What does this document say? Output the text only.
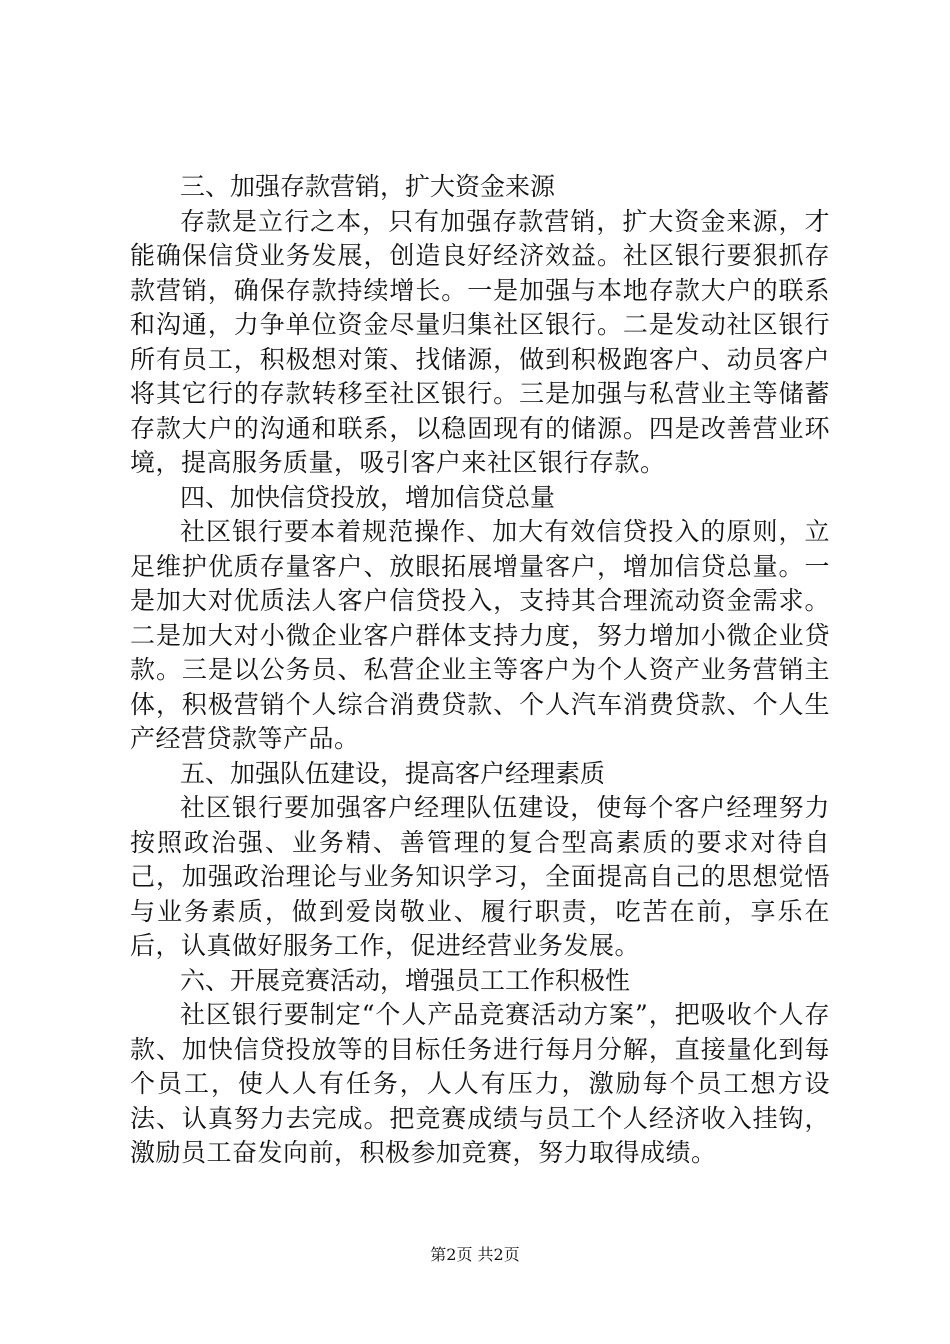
三、加强存款营销，扩大资金来源

存款是立行之本，只有加强存款营销，扩大资金来源，才能确保信贷业务发展，创造良好经济效益。社区银行要狠抓存款营销，确保存款持续增长。一是加强与本地存款大户的联系和沟通，力争单位资金尽量归集社区银行。二是发动社区银行所有员工，积极想对策、找储源，做到积极跑客户、动员客户将其它行的存款转移至社区银行。三是加强与私营业主等储蓄存款大户的沟通和联系，以稳固现有的储源。四是改善营业环境，提高服务质量，吸引客户来社区银行存款。

四、加快信贷投放，增加信贷总量

社区银行要本着规范操作、加大有效信贷投入的原则，立足维护优质存量客户、放眼拓展增量客户，增加信贷总量。一是加大对优质法人客户信贷投入，支持其合理流动资金需求。二是加大对小微企业客户群体支持力度，努力增加小微企业贷款。三是以公务员、私营企业主等客户为个人资产业务营销主体，积极营销个人综合消费贷款、个人汽车消费贷款、个人生产经营贷款等产品。

五、加强队伍建设，提高客户经理素质

社区银行要加强客户经理队伍建设，使每个客户经理努力按照政治强、业务精、善管理的复合型高素质的要求对待自己，加强政治理论与业务知识学习，全面提高自己的思想觉悟与业务素质，做到爱岗敬业、履行职责，吃苦在前，享乐在后，认真做好服务工作，促进经营业务发展。

六、开展竞赛活动，增强员工工作积极性

社区银行要制定“个人产品竞赛活动方案”，把吸收个人存款、加快信贷投放等的目标任务进行每月分解，直接量化到每个员工，使人人有任务，人人有压力，激励每个员工想方设法、认真努力去完成。把竞赛成绩与员工个人经济收入挂钩，激励员工奋发向前，积极参加竞赛，努力取得成绩。

第2页 共2页
